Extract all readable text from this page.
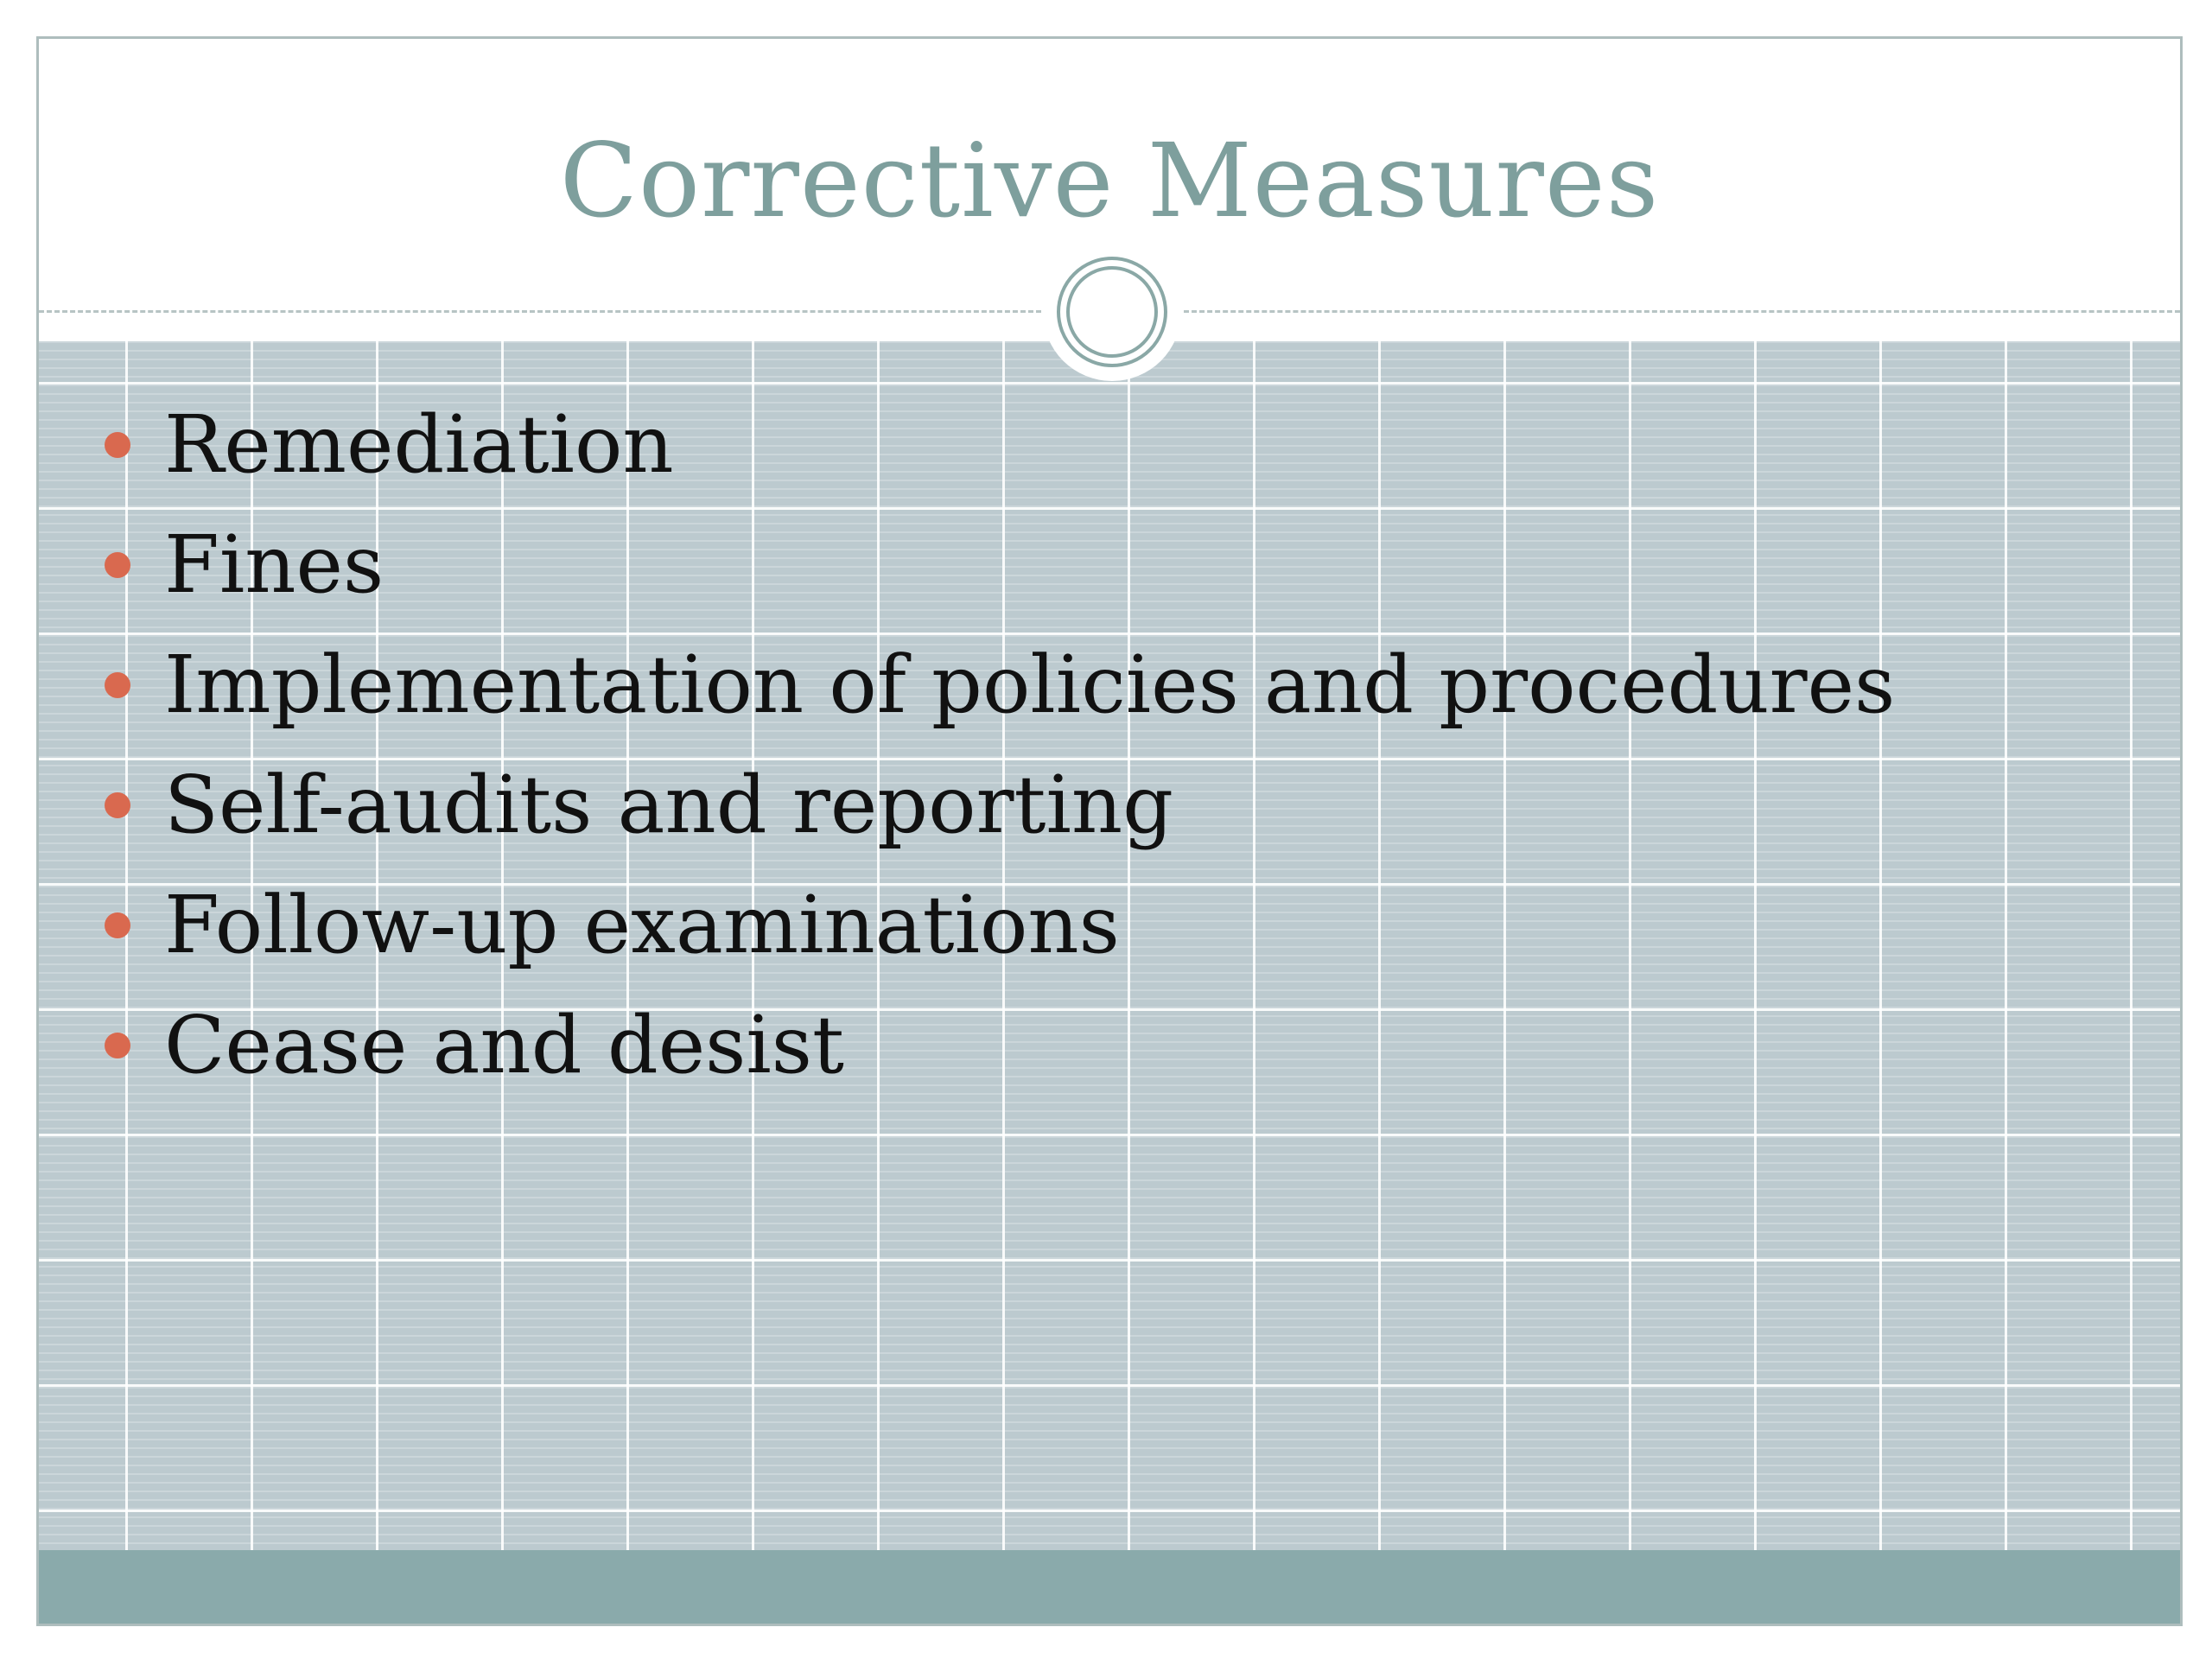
Corrective Measures
Remediation
Fines
Implementation of policies and procedures
Self-audits and reporting
Follow-up examinations
Cease and desist
